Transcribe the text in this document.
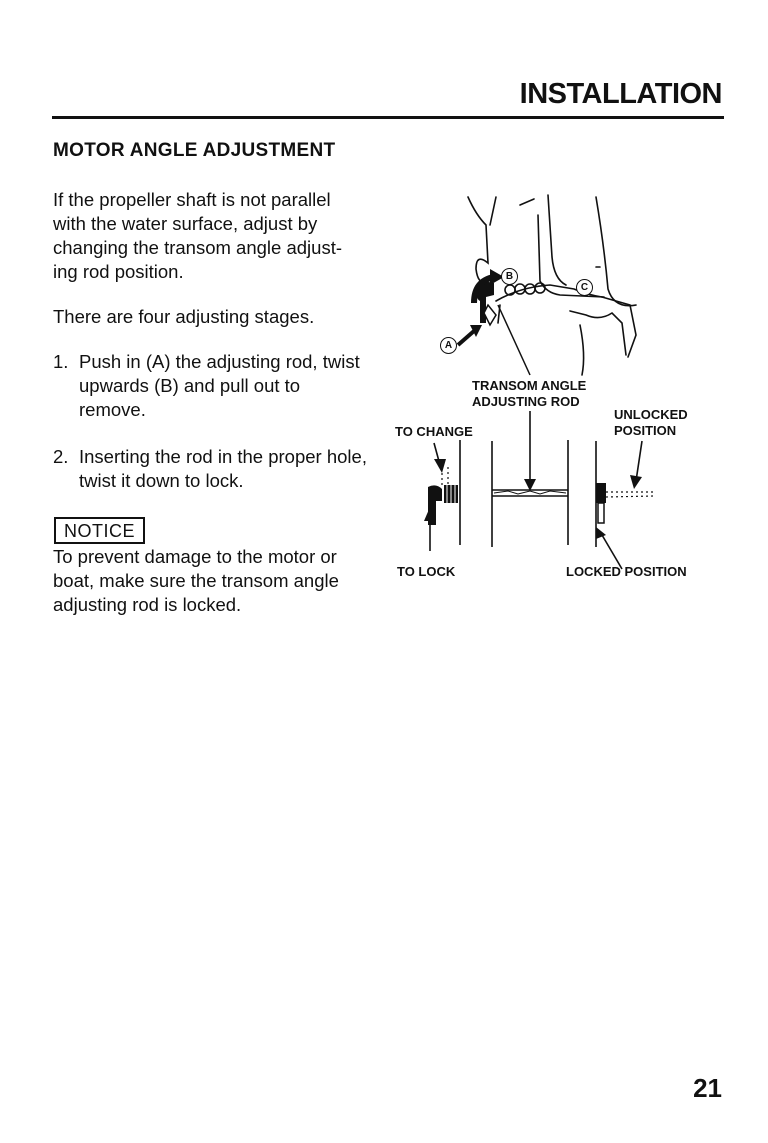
INSTALLATION
MOTOR ANGLE ADJUSTMENT
If the propeller shaft is not parallel with the water surface, adjust by changing the transom angle adjust-ing rod position.
There are four adjusting stages.
1. Push in (A) the adjusting rod, twist upwards (B) and pull out to remove.
2. Inserting the rod in the proper hole, twist it down to lock.
NOTICE
To prevent damage to the motor or boat, make sure the transom angle adjusting rod is locked.
A
B
C
TRANSOM ANGLE
ADJUSTING ROD
UNLOCKED
POSITION
TO CHANGE
TO LOCK	LOCKED POSITION
21
